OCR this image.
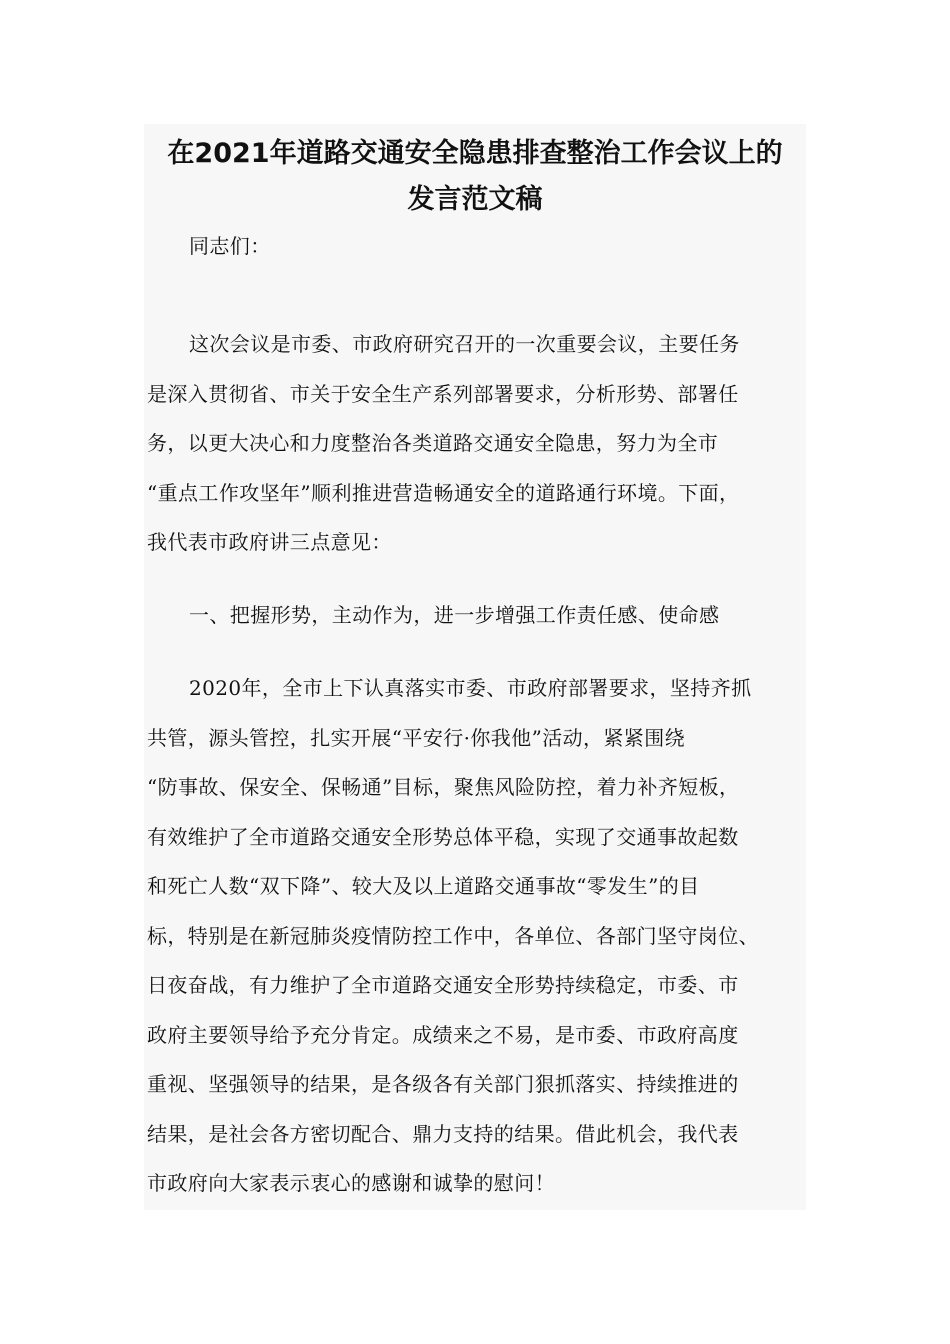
在2021年道路交通安全隐患排查整治工作会议上的
发言范文稿

同志们：

这次会议是市委、市政府研究召开的一次重要会议，主要任务
是深入贯彻省、市关于安全生产系列部署要求，分析形势、部署任
务，以更大决心和力度整治各类道路交通安全隐患，努力为全市
“重点工作攻坚年”顺利推进营造畅通安全的道路通行环境。下面，
我代表市政府讲三点意见：

一、把握形势，主动作为，进一步增强工作责任感、使命感

2020年，全市上下认真落实市委、市政府部署要求，坚持齐抓
共管，源头管控，扎实开展“平安行·你我他”活动，紧紧围绕
“防事故、保安全、保畅通”目标，聚焦风险防控，着力补齐短板，
有效维护了全市道路交通安全形势总体平稳，实现了交通事故起数
和死亡人数“双下降”、较大及以上道路交通事故“零发生”的目
标，特别是在新冠肺炎疫情防控工作中，各单位、各部门坚守岗位、
日夜奋战，有力维护了全市道路交通安全形势持续稳定，市委、市
政府主要领导给予充分肯定。成绩来之不易，是市委、市政府高度
重视、坚强领导的结果，是各级各有关部门狠抓落实、持续推进的
结果，是社会各方密切配合、鼎力支持的结果。借此机会，我代表
市政府向大家表示衷心的感谢和诚挚的慰问！
